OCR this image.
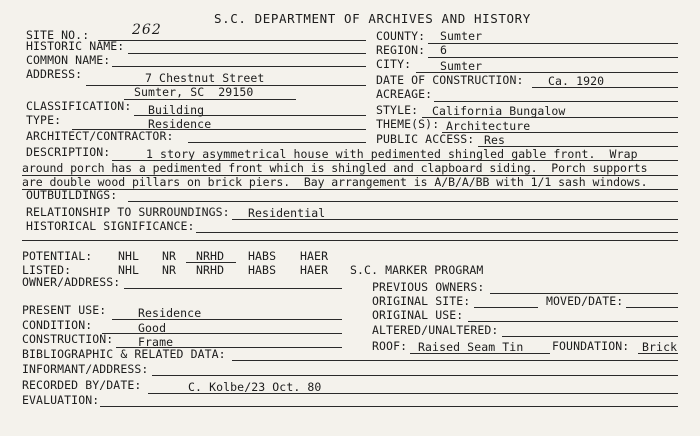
S.C. DEPARTMENT OF ARCHIVES AND HISTORY
SITE NO.:	262
HISTORIC NAME:
COMMON NAME:
ADDRESS:	7 Chestnut Street
Sumter, SC  29150
CLASSIFICATION: Building
TYPE:	Residence
ARCHITECT/CONTRACTOR:
COUNTY: Sumter
REGION: 6
CITY:	Sumter
DATE OF CONSTRUCTION: Ca. 1920
ACREAGE:
STYLE: California Bungalow
THEME(S): Architecture
PUBLIC ACCESS: Res
DESCRIPTION:	1 story asymmetrical house with pedimented shingled gable front.  Wrap
around porch has a pedimented front which is shingled and clapboard siding.  Porch supports
are double wood pillars on brick piers.  Bay arrangement is A/B/A/BB with 1/1 sash windows.
OUTBUILDINGS:
RELATIONSHIP TO SURROUNDINGS: Residential
HISTORICAL SIGNIFICANCE:
POTENTIAL: NHL NR NRHD HABS HAER
LISTED:	NHL NR NRHD HABS HAER
OWNER/ADDRESS:
S.C. MARKER PROGRAM
PREVIOUS OWNERS:
ORIGINAL SITE:	MOVED/DATE:
ORIGINAL USE:
ALTERED/UNALTERED:
ROOF: Raised Seam Tin FOUNDATION: Brick
PRESENT USE:	Residence
CONDITION:	Good
CONSTRUCTION: Frame
BIBLIOGRAPHIC & RELATED DATA:
INFORMANT/ADDRESS:
RECORDED BY/DATE:	C. Kolbe/23 Oct. 80
EVALUATION:
